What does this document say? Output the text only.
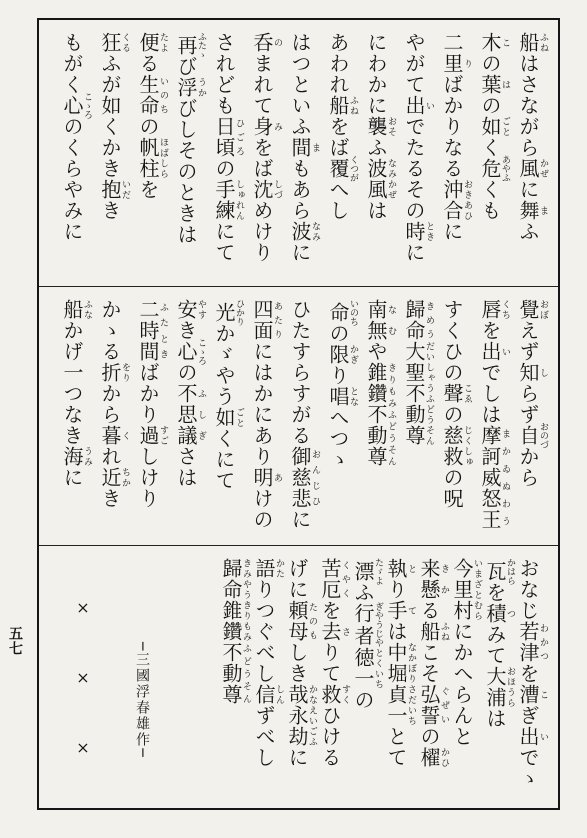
船ふねはさながら風かぜに舞まふ
木この葉はの如ごとく危あやふくも
二里りばかりなる沖合おきあひに
やがて出いでたるその時ときに
にわかに襲おそふ波風なみかぜは
あわれ船ふねをば覆くつがへし
はつといふ間まもあら波なみに
呑のまれて身みをば沈しづめけり
されども日頃ひごろの手練しゅれんにて
再ふたゝび浮うかびしそのときは
便たよる生命いのちの帆柱ほばしらを
狂くるふが如くかき抱いだき
もがく心こゝろのくらやみに
覺おぼえず知しらず自おのづから
唇くちを出いでしは摩訶威怒王まかゐぬわう
すくひの聲こゑの慈救じくしゅの呪
歸命きめう大聖不動尊だいしゃうふどうそん
南無なむや錐鑽不動尊きりもみふどうそん
命いのちの限かぎり唱となへつゝ
ひたすらすがる御慈悲おんじひに
四面あたりにはかにあり明あけの
光ひかりかゞやう如ごとくにて
安やすき心こゝろの不思議ふしぎさは
二時間ふたときばかり過すごしけり
かゝる折をりから暮くれ近ちかき
船ふなかげ一つなき海うみに
おなじ若津わかつを漕こぎ出いでゝ
瓦かはらを積つみて大浦おほうらは
今里村いまざとむらにかへらんと
来懸きかる船ふねこそ弘誓ぐぜいの櫂かひ
執とり手ては中堀貞一なかぼりさだいちとて
漂たゞよふ行者ぎやうじや徳一とくいちの
苦厄くやくを去さりて救すくひける
げに頼母たのもしき哉かな永劫えいごふに
語かたりつぐべし信しんずべし
歸命きみやう錐鑽きりもみ不動尊ふどうそん
─三國浮春雄作─
×
×
×
五七
